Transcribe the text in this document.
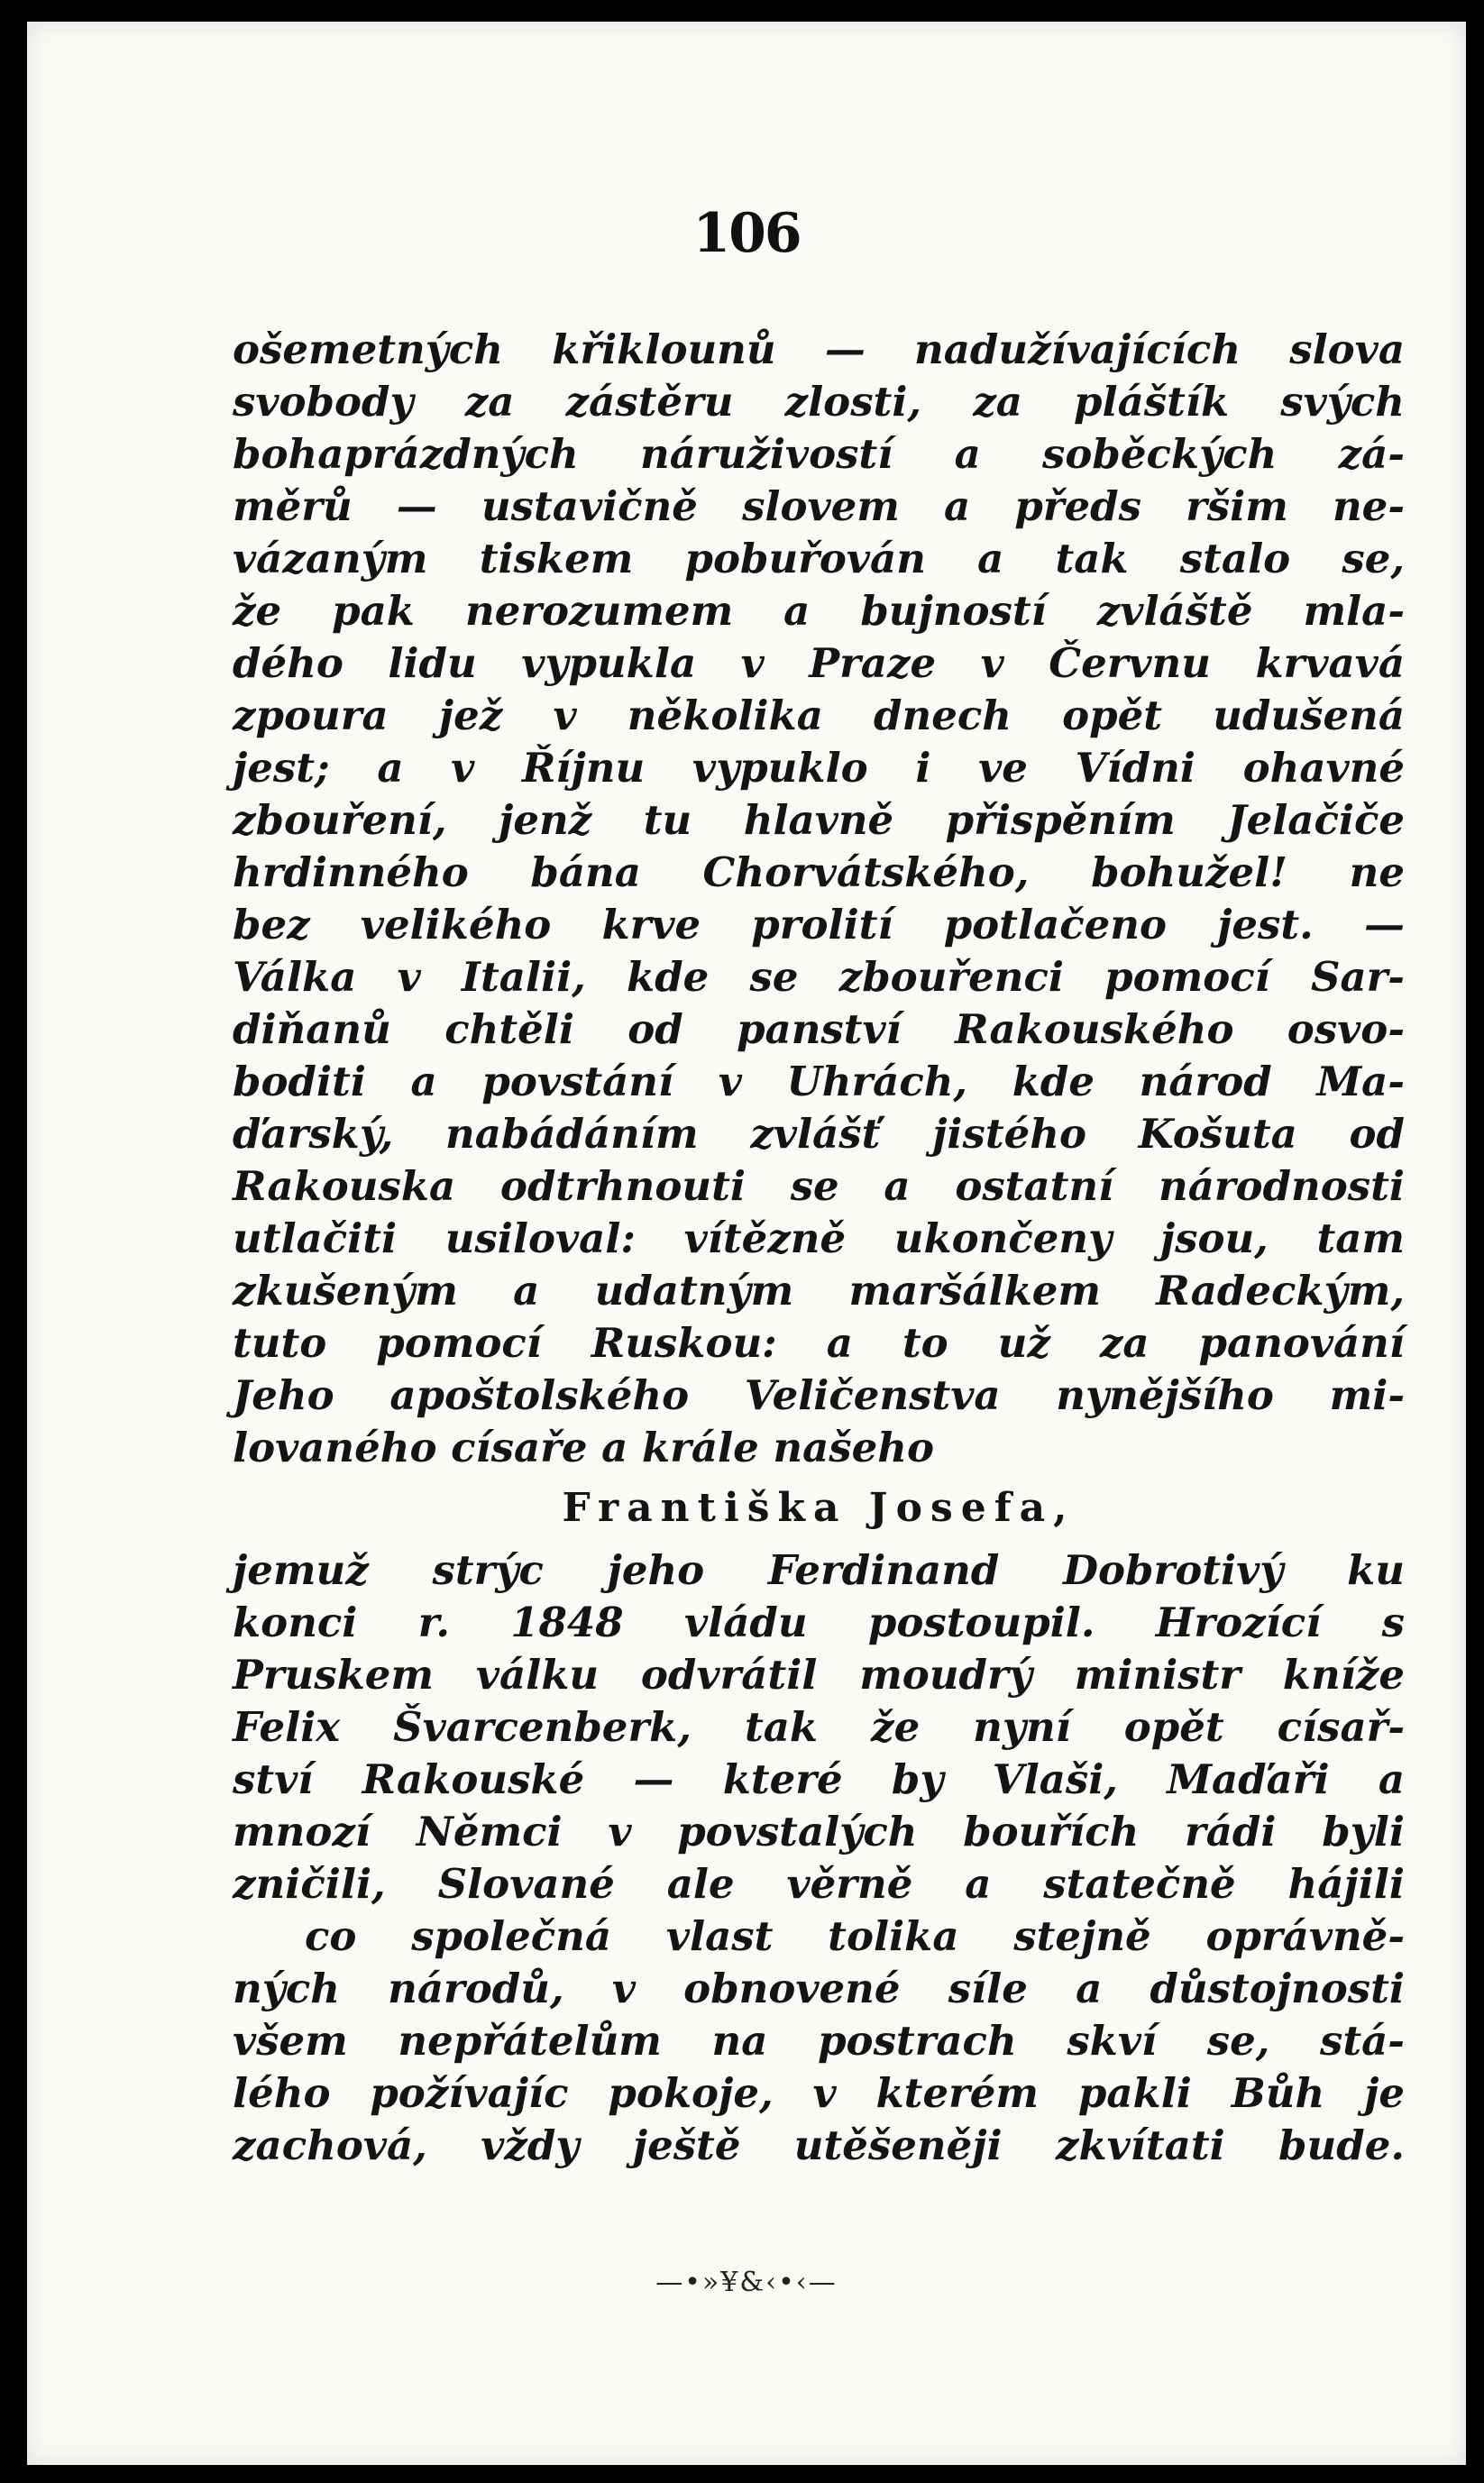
106
ošemetných křiklounů — nadužívajících slova
svobody za zástěru zlosti, za pláštík svých
bohaprázdných náruživostí a soběckých zá-
měrů — ustavičně slovem a předs ršim ne-
vázaným tiskem pobuřován a tak stalo se,
že pak nerozumem a bujností zvláště mla-
dého lidu vypukla v Praze v Červnu krvavá
zpoura jež v několika dnech opět udušená
jest; a v Říjnu vypuklo i ve Vídni ohavné
zbouření, jenž tu hlavně přispěním Jelačiče
hrdinného bána Chorvátského, bohužel! ne
bez velikého krve prolití potlačeno jest. —
Válka v Italii, kde se zbouřenci pomocí Sar-
diňanů chtěli od panství Rakouského osvo-
boditi a povstání v Uhrách, kde národ Ma-
ďarský, nabádáním zvlášť jistého Košuta od
Rakouska odtrhnouti se a ostatní národnosti
utlačiti usiloval: vítězně ukončeny jsou, tam
zkušeným a udatným maršálkem Radeckým,
tuto pomocí Ruskou: a to už za panování
Jeho apoštolského Veličenstva nynějšího mi-
lovaného císaře a krále našeho
Františka Josefa,
jemuž strýc jeho Ferdinand Dobrotivý ku
konci r. 1848 vládu postoupil. Hrozící s
Pruskem válku odvrátil moudrý ministr kníže
Felix Švarcenberk, tak že nyní opět císař-
ství Rakouské — které by Vlaši, Maďaři a
mnozí Němci v povstalých bouřích rádi byli
zničili, Slované ale věrně a statečně hájili
co společná vlast tolika stejně oprávně-
ných národů, v obnovené síle a důstojnosti
všem nepřátelům na postrach skví se, stá-
lého požívajíc pokoje, v kterém pakli Bůh je
zachová, vždy ještě utěšeněji zkvítati bude.
—•»¥&‹•‹—
